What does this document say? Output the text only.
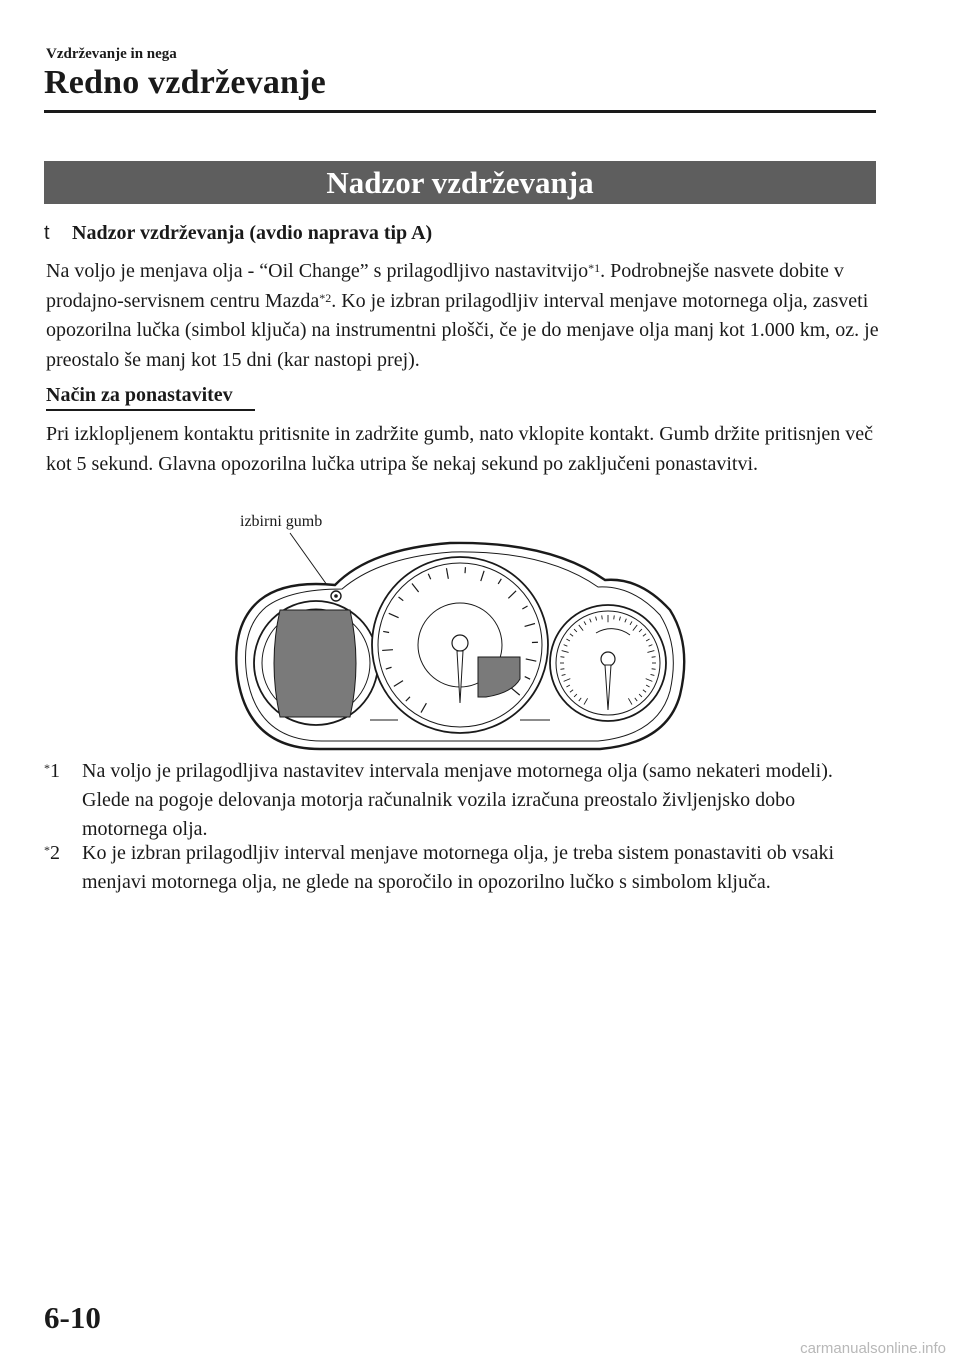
Vzdrževanje in nega
Redno vzdrževanje
Nadzor vzdrževanja
t Nadzor vzdrževanja (avdio naprava tip A)
Na voljo je menjava olja - “Oil Change” s prilagodljivo nastavitvijo$^{*1}$. Podrobnejše nasvete dobite v prodajno-servisnem centru Mazda$^{*2}$. Ko je izbran prilagodljiv interval menjave motornega olja, zasveti opozorilna lučka (simbol ključa) na instrumentni plošči, če je do menjave olja manj kot 1.000 km, oz. je preostalo še manj kot 15 dni (kar nastopi prej).
Način za ponastavitev
Pri izklopljenem kontaktu pritisnite in zadržite gumb, nato vklopite kontakt. Gumb držite pritisnjen več kot 5 sekund. Glavna opozorilna lučka utripa še nekaj sekund po zaključeni ponastavitvi.
izbirni gumb
*1	Na voljo je prilagodljiva nastavitev intervala menjave motornega olja (samo nekateri modeli). Glede na pogoje delovanja motorja računalnik vozila izračuna preostalo življenjsko dobo motornega olja.
*2	Ko je izbran prilagodljiv interval menjave motornega olja, je treba sistem ponastaviti ob vsaki menjavi motornega olja, ne glede na sporočilo in opozorilno lučko s simbolom ključa.
6-10
carmanualsonline.info
